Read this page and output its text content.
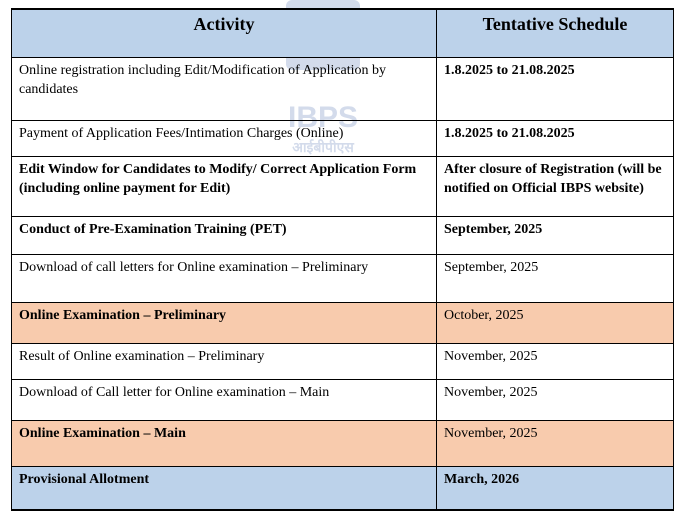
IBPS
आईबीपीएस
Activity	Tentative Schedule
Online registration including Edit/Modification of Application by candidates	1.8.2025 to 21.08.2025
Payment of Application Fees/Intimation Charges (Online)	1.8.2025 to 21.08.2025
Edit Window for Candidates to Modify/ Correct Application Form (including online payment for Edit)	After closure of Registration (will be notified on Official IBPS website)
Conduct of Pre-Examination Training (PET)	September, 2025
Download of call letters for Online examination – Preliminary	September, 2025
Online Examination – Preliminary	October, 2025
Result of Online examination – Preliminary	November, 2025
Download of Call letter for Online examination – Main	November, 2025
Online Examination – Main	November, 2025
Provisional Allotment	March, 2026
